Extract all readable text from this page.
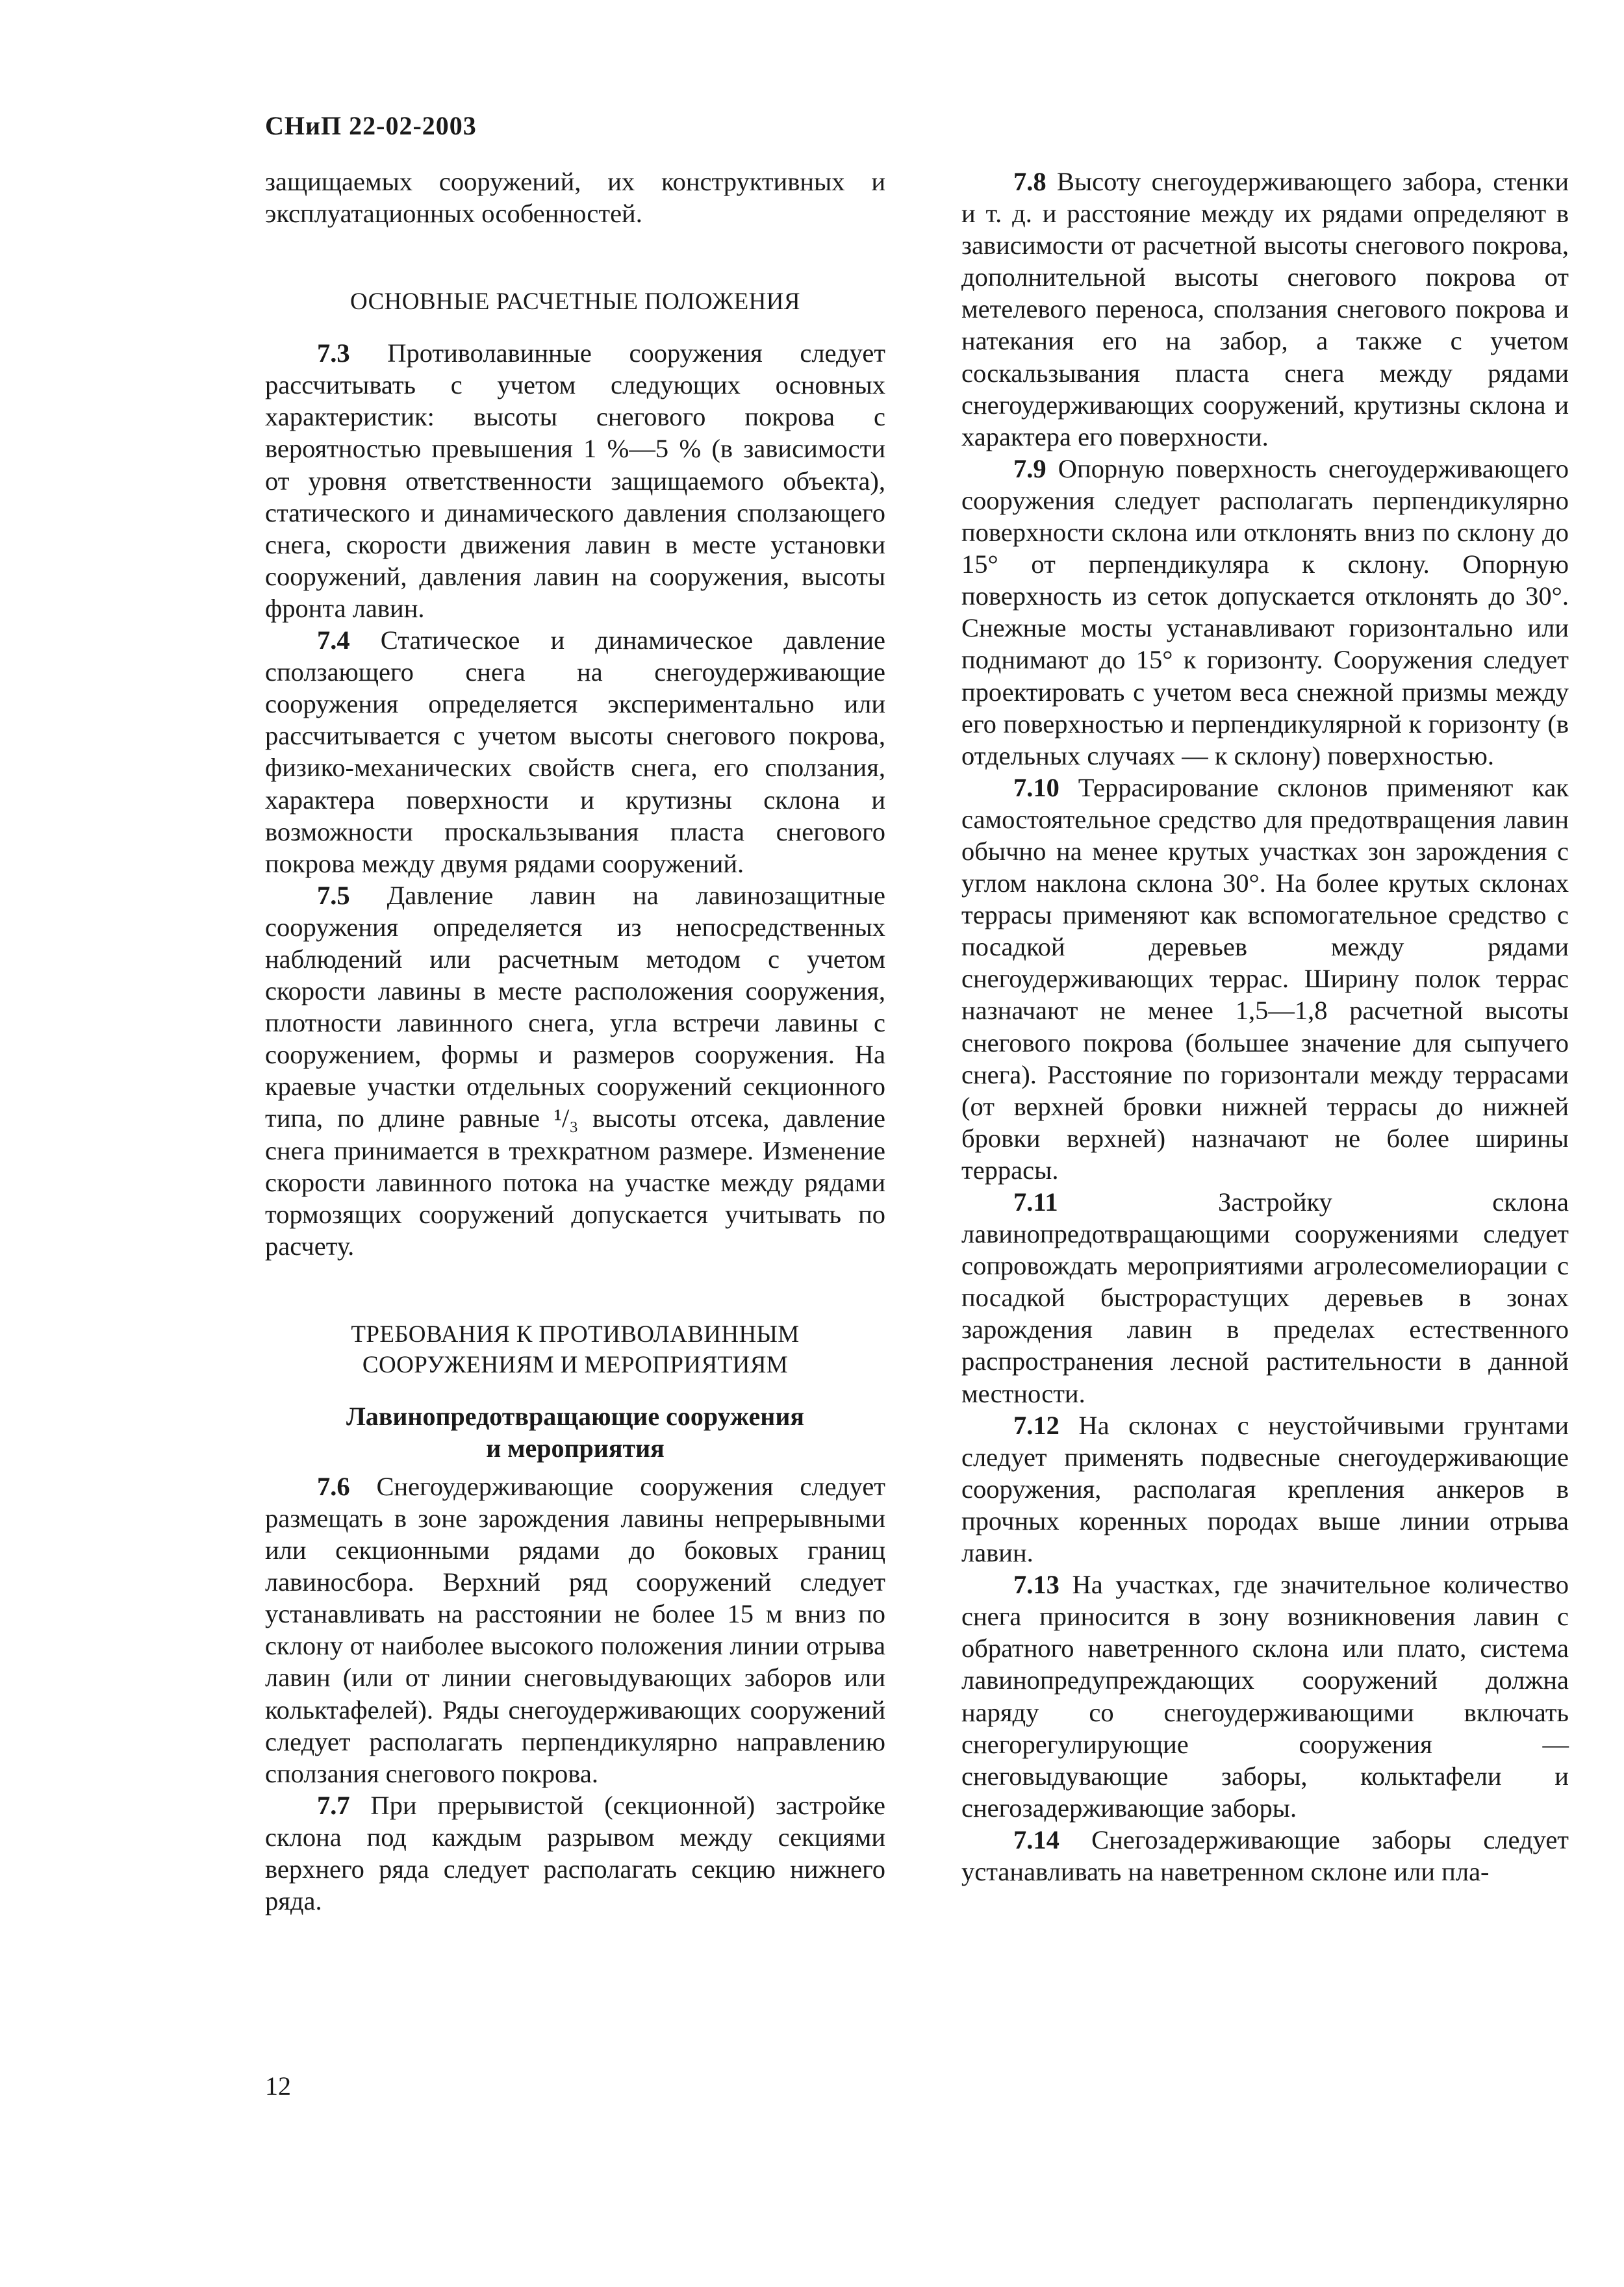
СНиП 22-02-2003

защищаемых сооружений, их конструктивных и эксплуатационных особенностей.

ОСНОВНЫЕ РАСЧЕТНЫЕ ПОЛОЖЕНИЯ

7.3 Противолавинные сооружения следует рассчитывать с учетом следующих основных характеристик: высоты снегового покрова с вероятностью превышения 1 %—5 % (в зависимости от уровня ответственности защищаемого объекта), статического и динамического давления сползающего снега, скорости движения лавин в месте установки сооружений, давления лавин на сооружения, высоты фронта лавин.

7.4 Статическое и динамическое давление сползающего снега на снегоудерживающие сооружения определяется экспериментально или рассчитывается с учетом высоты снегового покрова, физико-механических свойств снега, его сползания, характера поверхности и крутизны склона и возможности проскальзывания пласта снегового покрова между двумя рядами сооружений.

7.5 Давление лавин на лавинозащитные сооружения определяется из непосредственных наблюдений или расчетным методом с учетом скорости лавины в месте расположения сооружения, плотности лавинного снега, угла встречи лавины с сооружением, формы и размеров сооружения. На краевые участки отдельных сооружений секционного типа, по длине равные ¹/₃ высоты отсека, давление снега принимается в трехкратном размере. Изменение скорости лавинного потока на участке между рядами тормозящих сооружений допускается учитывать по расчету.

ТРЕБОВАНИЯ К ПРОТИВОЛАВИННЫМ
СООРУЖЕНИЯМ И МЕРОПРИЯТИЯМ
Лавинопредотвращающие сооружения
и мероприятия

7.6 Снегоудерживающие сооружения следует размещать в зоне зарождения лавины непрерывными или секционными рядами до боковых границ лавиносбора. Верхний ряд сооружений следует устанавливать на расстоянии не более 15 м вниз по склону от наиболее высокого положения линии отрыва лавин (или от линии снеговыдувающих заборов или кольктафелей). Ряды снегоудерживающих сооружений следует располагать перпендикулярно направлению сползания снегового покрова.

7.7 При прерывистой (секционной) застройке склона под каждым разрывом между секциями верхнего ряда следует располагать секцию нижнего ряда.

7.8 Высоту снегоудерживающего забора, стенки и т. д. и расстояние между их рядами определяют в зависимости от расчетной высоты снегового покрова, дополнительной высоты снегового покрова от метелевого переноса, сползания снегового покрова и натекания его на забор, а также с учетом соскальзывания пласта снега между рядами снегоудерживающих сооружений, крутизны склона и характера его поверхности.

7.9 Опорную поверхность снегоудерживающего сооружения следует располагать перпендикулярно поверхности склона или отклонять вниз по склону до 15° от перпендикуляра к склону. Опорную поверхность из сеток допускается отклонять до 30°. Снежные мосты устанавливают горизонтально или поднимают до 15° к горизонту. Сооружения следует проектировать с учетом веса снежной призмы между его поверхностью и перпендикулярной к горизонту (в отдельных случаях — к склону) поверхностью.

7.10 Террасирование склонов применяют как самостоятельное средство для предотвращения лавин обычно на менее крутых участках зон зарождения с углом наклона склона 30°. На более крутых склонах террасы применяют как вспомогательное средство с посадкой деревьев между рядами снегоудерживающих террас. Ширину полок террас назначают не менее 1,5—1,8 расчетной высоты снегового покрова (большее значение для сыпучего снега). Расстояние по горизонтали между террасами (от верхней бровки нижней террасы до нижней бровки верхней) назначают не более ширины террасы.

7.11 Застройку склона лавинопредотвращающими сооружениями следует сопровождать мероприятиями агролесомелиорации с посадкой быстрорастущих деревьев в зонах зарождения лавин в пределах естественного распространения лесной растительности в данной местности.

7.12 На склонах с неустойчивыми грунтами следует применять подвесные снегоудерживающие сооружения, располагая крепления анкеров в прочных коренных породах выше линии отрыва лавин.

7.13 На участках, где значительное количество снега приносится в зону возникновения лавин с обратного наветренного склона или плато, система лавинопредупреждающих сооружений должна наряду со снегоудерживающими включать снегорегулирующие сооружения — снеговыдувающие заборы, кольктафели и снегозадерживающие заборы.

7.14 Снегозадерживающие заборы следует устанавливать на наветренном склоне или пла-

12
